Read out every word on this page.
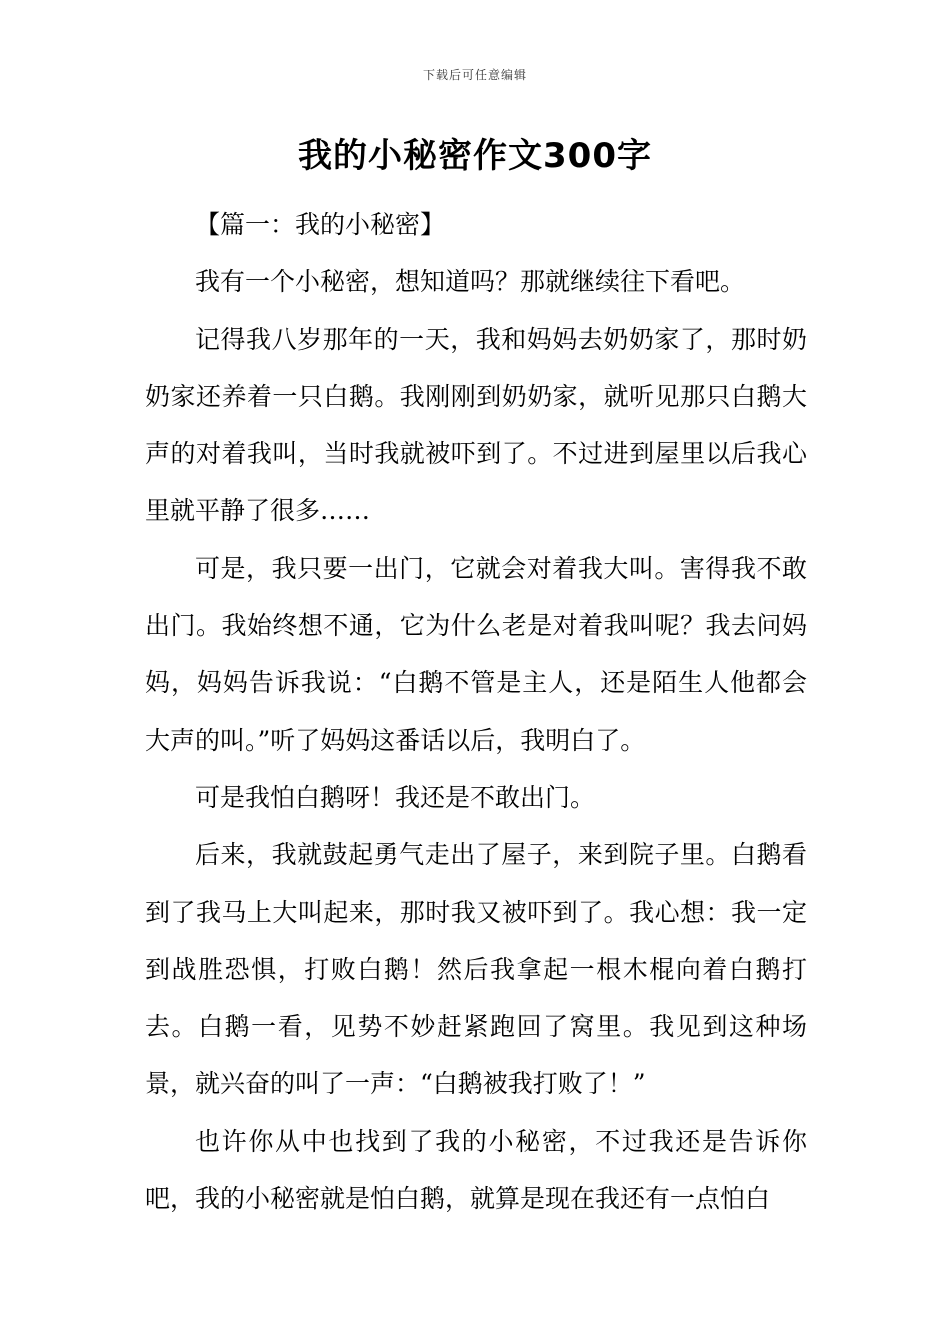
下载后可任意编辑
我的小秘密作文300字

【篇一：我的小秘密】

我有一个小秘密，想知道吗？那就继续往下看吧。

记得我八岁那年的一天，我和妈妈去奶奶家了，那时奶奶家还养着一只白鹅。我刚刚到奶奶家，就听见那只白鹅大声的对着我叫，当时我就被吓到了。不过进到屋里以后我心里就平静了很多……

可是，我只要一出门，它就会对着我大叫。害得我不敢出门。我始终想不通，它为什么老是对着我叫呢？我去问妈妈，妈妈告诉我说：“白鹅不管是主人，还是陌生人他都会大声的叫。”听了妈妈这番话以后，我明白了。

可是我怕白鹅呀！我还是不敢出门。

后来，我就鼓起勇气走出了屋子，来到院子里。白鹅看到了我马上大叫起来，那时我又被吓到了。我心想：我一定到战胜恐惧，打败白鹅！然后我拿起一根木棍向着白鹅打去。白鹅一看，见势不妙赶紧跑回了窝里。我见到这种场景，就兴奋的叫了一声：“白鹅被我打败了！”

也许你从中也找到了我的小秘密，不过我还是告诉你吧，我的小秘密就是怕白鹅，就算是现在我还有一点怕白
